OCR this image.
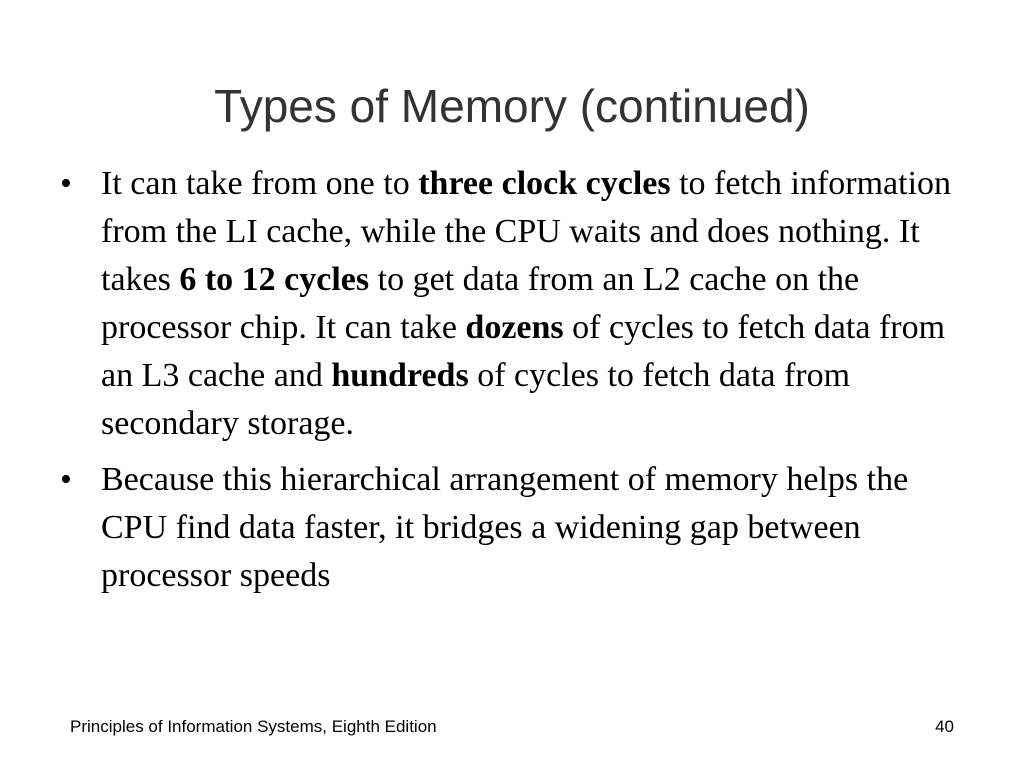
Types of Memory (continued)
• It can take from one to three clock cycles to fetch information from the LI cache, while the CPU waits and does nothing. It takes 6 to 12 cycles to get data from an L2 cache on the processor chip. It can take dozens of cycles to fetch data from an L3 cache and hundreds of cycles to fetch data from secondary storage.
• Because this hierarchical arrangement of memory helps the CPU find data faster, it bridges a widening gap between processor speeds
Principles of Information Systems, Eighth Edition	40
